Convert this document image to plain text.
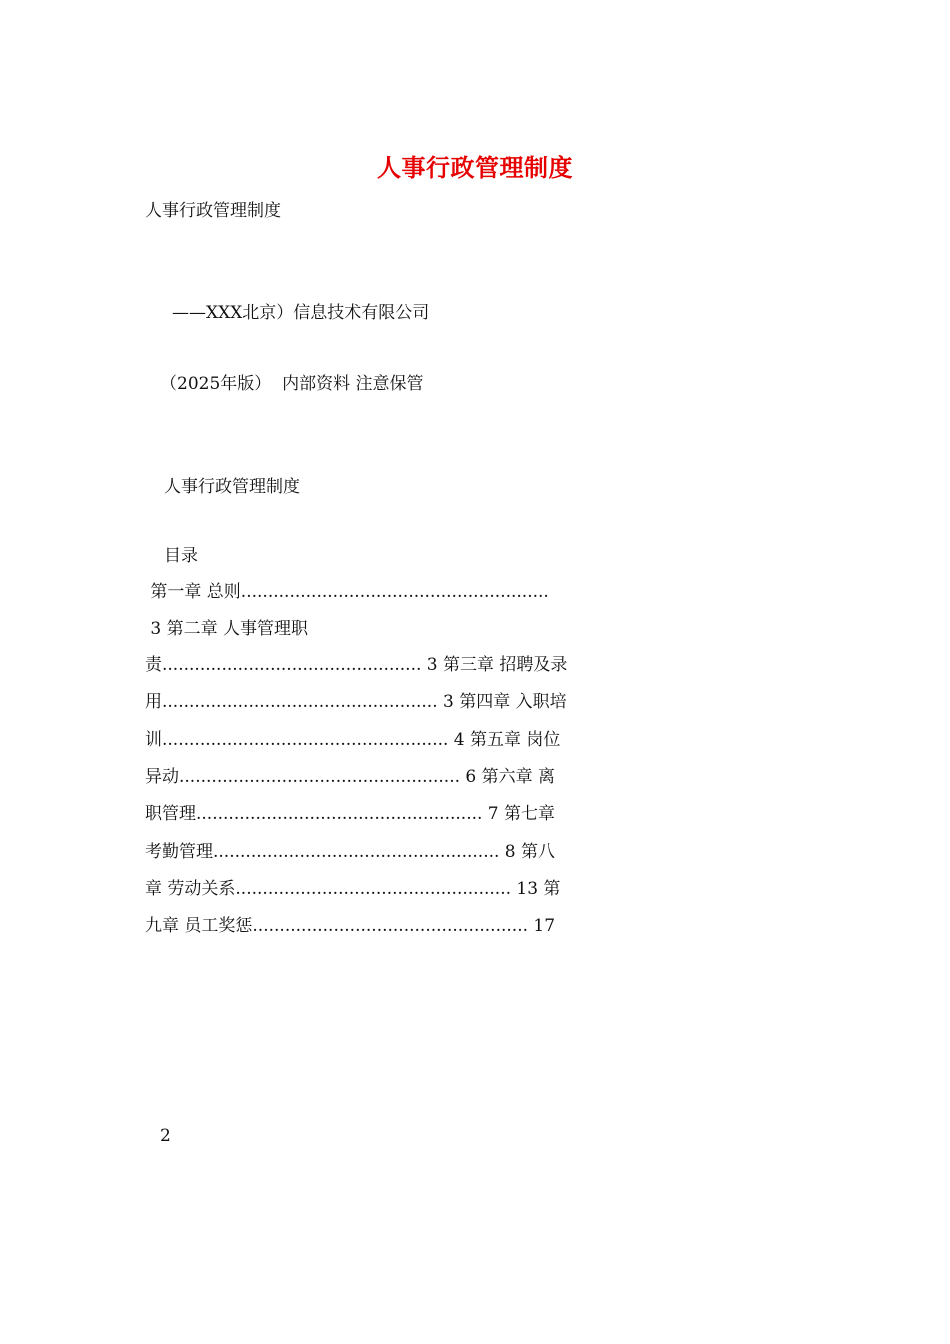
人事行政管理制度
人事行政管理制度
——XXX北京）信息技术有限公司
（2025年版）  内部资料 注意保管
人事行政管理制度
目录
第一章 总则.........................................................
3 第二章 人事管理职
责................................................ 3 第三章 招聘及录
用................................................... 3 第四章 入职培
训..................................................... 4 第五章 岗位
异动.................................................... 6 第六章 离
职管理..................................................... 7 第七章
考勤管理..................................................... 8 第八
章 劳动关系................................................... 13 第
九章 员工奖惩................................................... 17
2
